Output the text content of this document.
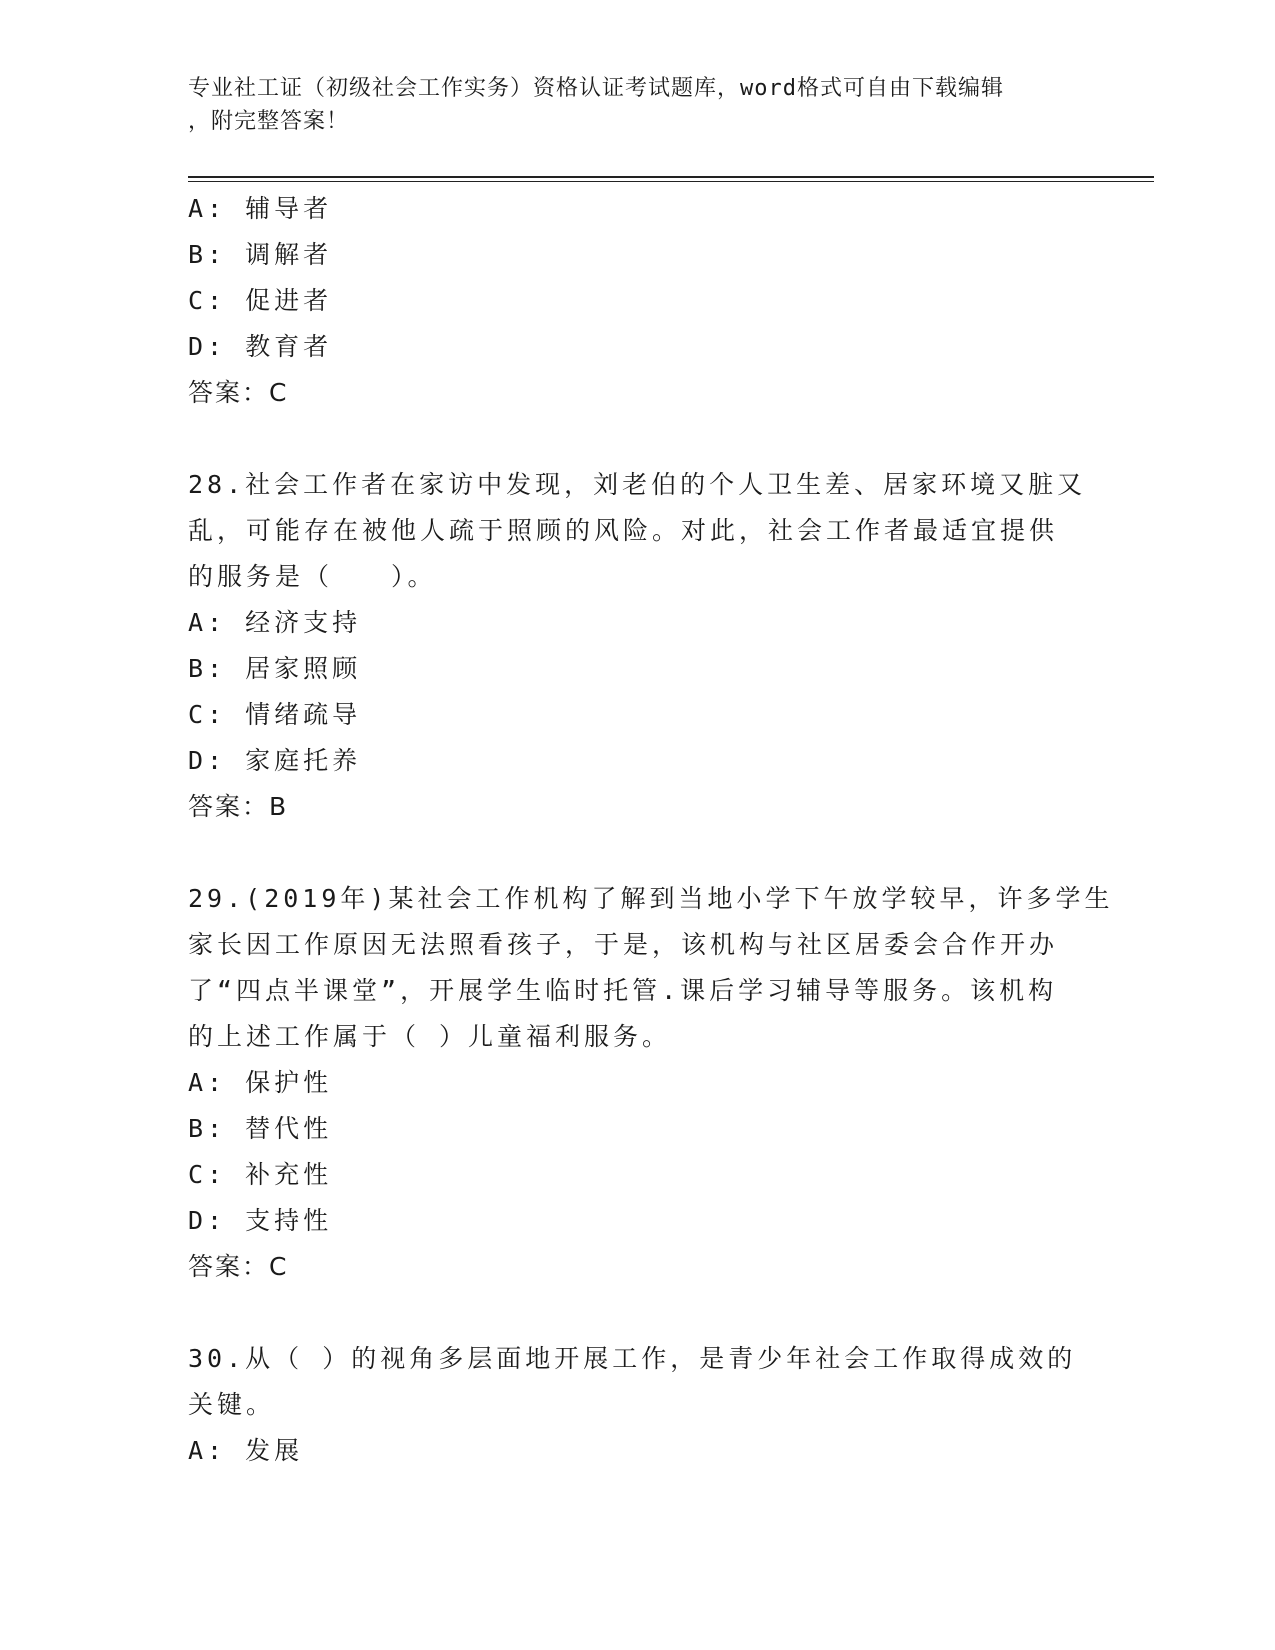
专业社工证（初级社会工作实务）资格认证考试题库，word格式可自由下载编辑
，附完整答案！
A: 辅导者
B: 调解者
C: 促进者
D: 教育者
答案：C
28.社会工作者在家访中发现，刘老伯的个人卫生差、居家环境又脏又
乱，可能存在被他人疏于照顾的风险。对此，社会工作者最适宜提供
的服务是（　　）。
A: 经济支持
B: 居家照顾
C: 情绪疏导
D: 家庭托养
答案：B
29.(2019年)某社会工作机构了解到当地小学下午放学较早，许多学生
家长因工作原因无法照看孩子，于是，该机构与社区居委会合作开办
了“四点半课堂”，开展学生临时托管.课后学习辅导等服务。该机构
的上述工作属于（ ）儿童福利服务。
A: 保护性
B: 替代性
C: 补充性
D: 支持性
答案：C
30.从（ ）的视角多层面地开展工作，是青少年社会工作取得成效的
关键。
A: 发展
